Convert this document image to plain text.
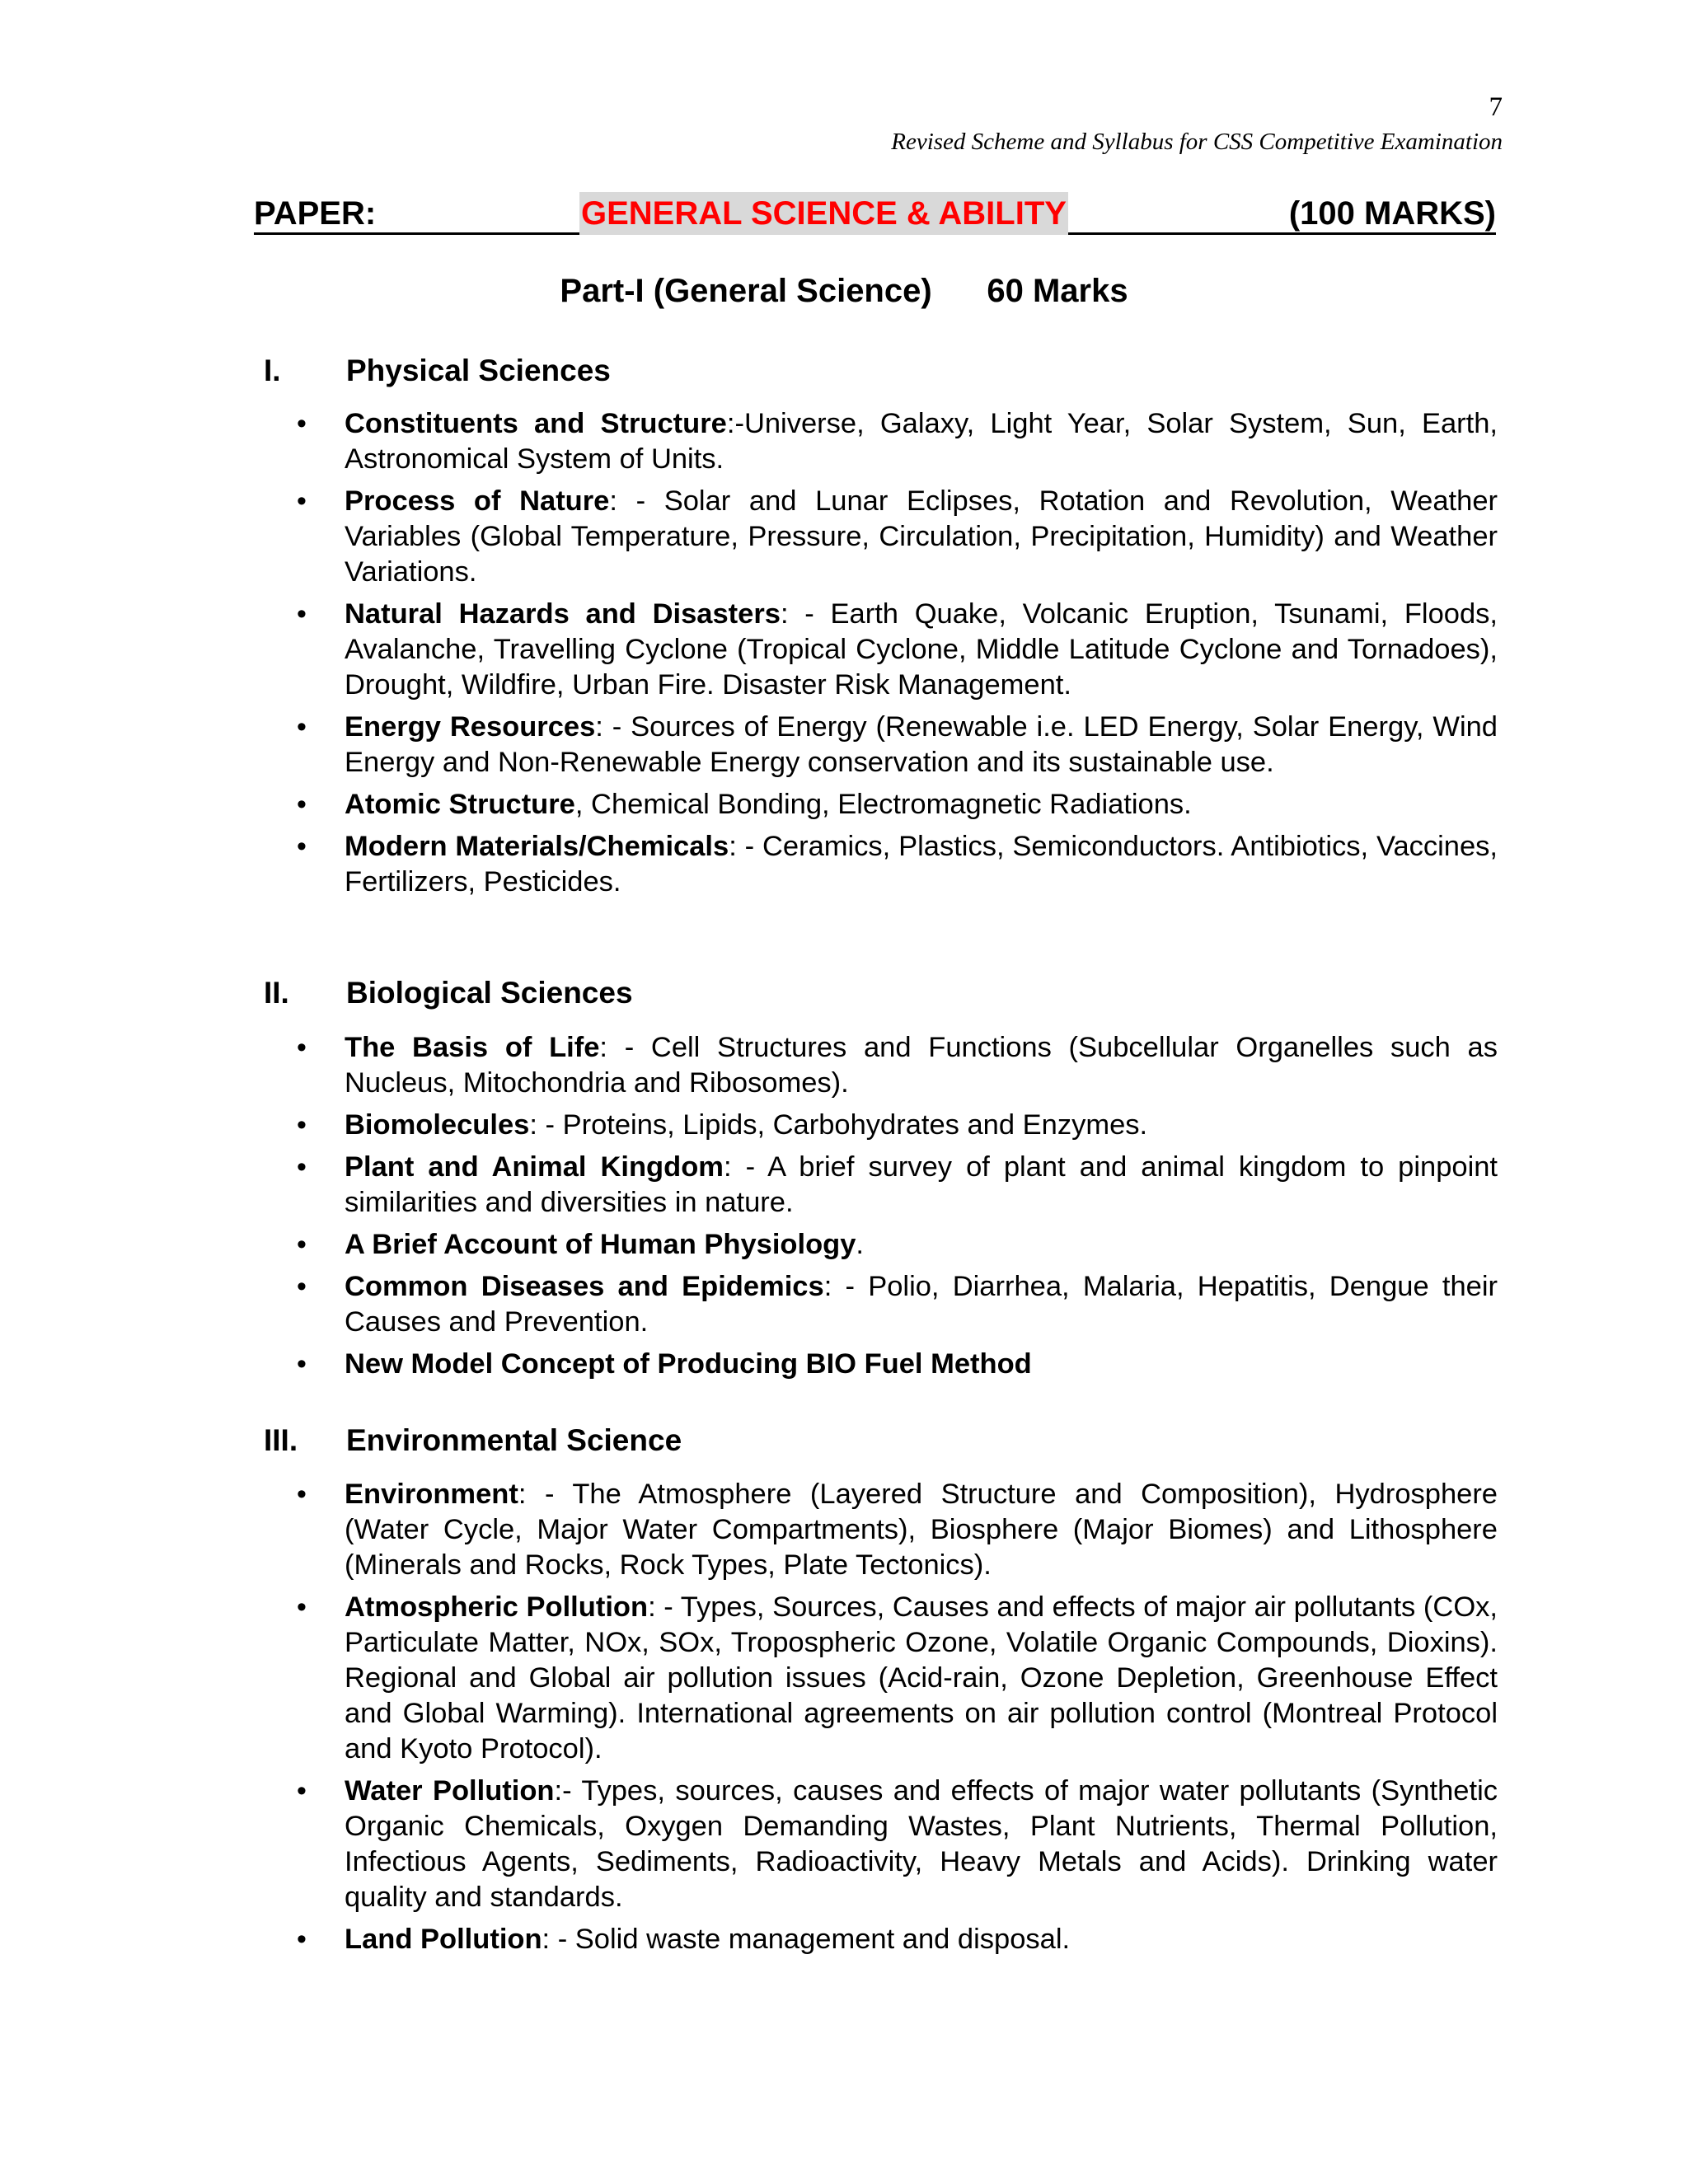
7
Revised Scheme and Syllabus for CSS Competitive Examination
PAPER:	GENERAL SCIENCE & ABILITY	(100 MARKS)
Part-I (General Science)      60 Marks
I. Physical Sciences
• Constituents and Structure:-Universe, Galaxy, Light Year, Solar System, Sun, Earth, Astronomical System of Units.
• Process of Nature: - Solar and Lunar Eclipses, Rotation and Revolution, Weather Variables (Global Temperature, Pressure, Circulation, Precipitation, Humidity) and Weather Variations.
• Natural Hazards and Disasters: - Earth Quake, Volcanic Eruption, Tsunami, Floods, Avalanche, Travelling Cyclone (Tropical Cyclone, Middle Latitude Cyclone and Tornadoes), Drought, Wildfire, Urban Fire. Disaster Risk Management.
• Energy Resources: - Sources of Energy (Renewable i.e. LED Energy, Solar Energy, Wind Energy and Non-Renewable Energy conservation and its sustainable use.
• Atomic Structure, Chemical Bonding, Electromagnetic Radiations.
• Modern Materials/Chemicals: - Ceramics, Plastics, Semiconductors. Antibiotics, Vaccines, Fertilizers, Pesticides.
II. Biological Sciences
• The Basis of Life: - Cell Structures and Functions (Subcellular Organelles such as Nucleus, Mitochondria and Ribosomes).
• Biomolecules: - Proteins, Lipids, Carbohydrates and Enzymes.
• Plant and Animal Kingdom: - A brief survey of plant and animal kingdom to pinpoint similarities and diversities in nature.
• A Brief Account of Human Physiology.
• Common Diseases and Epidemics: - Polio, Diarrhea, Malaria, Hepatitis, Dengue their Causes and Prevention.
• New Model Concept of Producing BIO Fuel Method
III. Environmental Science
• Environment: - The Atmosphere (Layered Structure and Composition), Hydrosphere (Water Cycle, Major Water Compartments), Biosphere (Major Biomes) and Lithosphere (Minerals and Rocks, Rock Types, Plate Tectonics).
• Atmospheric Pollution: - Types, Sources, Causes and effects of major air pollutants (COx, Particulate Matter, NOx, SOx, Tropospheric Ozone, Volatile Organic Compounds, Dioxins). Regional and Global air pollution issues (Acid-rain, Ozone Depletion, Greenhouse Effect and Global Warming). International agreements on air pollution control (Montreal Protocol and Kyoto Protocol).
• Water Pollution:- Types, sources, causes and effects of major water pollutants (Synthetic Organic Chemicals, Oxygen Demanding Wastes, Plant Nutrients, Thermal Pollution, Infectious Agents, Sediments, Radioactivity, Heavy Metals and Acids). Drinking water quality and standards.
• Land Pollution: - Solid waste management and disposal.
